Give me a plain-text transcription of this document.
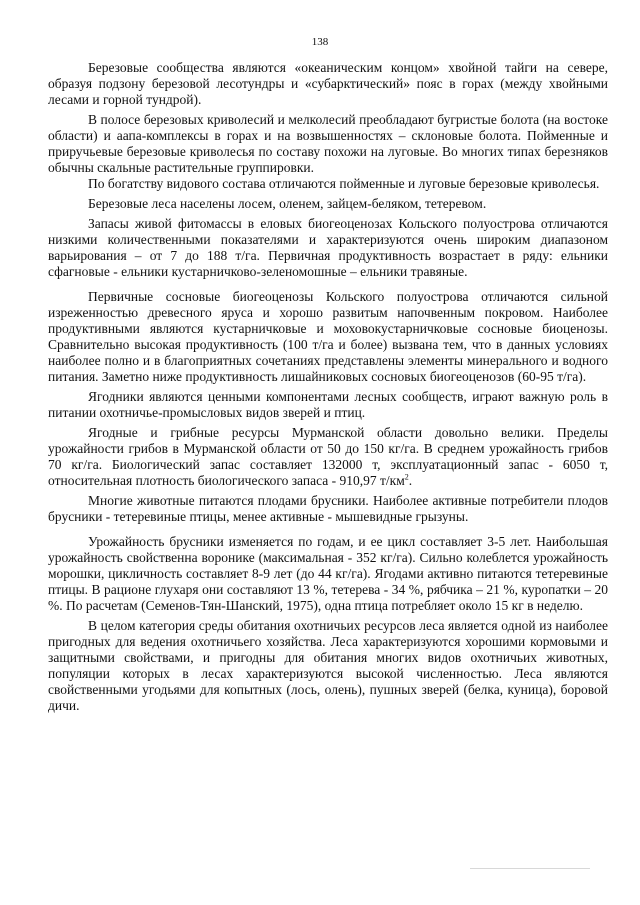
138

Березовые сообщества являются «океаническим концом» хвойной тайги на севере, образуя подзону березовой лесотундры и «субарктический» пояс в горах (между хвойными лесами и горной тундрой).

В полосе березовых криволесий и мелколесий преобладают бугристые болота (на востоке области) и аапа-комплексы в горах и на возвышенностях – склоновые болота. Пойменные и приручьевые березовые криволесья по составу похожи на луговые. Во многих типах березняков обычны скальные растительные группировки.

По богатству видового состава отличаются пойменные и луговые березовые криволесья.

Березовые леса населены лосем, оленем, зайцем-беляком, тетеревом.

Запасы живой фитомассы в еловых биогеоценозах Кольского полуострова отличаются низкими количественными показателями и характеризуются очень широким диапазоном варьирования – от 7 до 188 т/га. Первичная продуктивность возрастает в ряду: ельники сфагновые - ельники кустарничково-зеленомошные – ельники травяные.

Первичные сосновые биогеоценозы Кольского полуострова отличаются сильной изреженностью древесного яруса и хорошо развитым напочвенным покровом. Наиболее продуктивными являются кустарничковые и моховокустарничковые сосновые биоценозы. Сравнительно высокая продуктивность (100 т/га и более) вызвана тем, что в данных условиях наиболее полно и в благоприятных сочетаниях представлены элементы минерального и водного питания. Заметно ниже продуктивность лишайниковых сосновых биогеоценозов (60-95 т/га).

Ягодники являются ценными компонентами лесных сообществ, играют важную роль в питании охотничье-промысловых видов зверей и птиц.

Ягодные и грибные ресурсы Мурманской области довольно велики. Пределы урожайности грибов в Мурманской области от 50 до 150 кг/га. В среднем урожайность грибов 70 кг/га. Биологический запас составляет 132000 т, эксплуатационный запас - 6050 т, относительная плотность биологического запаса - 910,97 $т/км^2$.

Многие животные питаются плодами брусники. Наиболее активные потребители плодов брусники - тетеревиные птицы, менее активные - мышевидные грызуны.

Урожайность брусники изменяется по годам, и ее цикл составляет 3-5 лет. Наибольшая урожайность свойственна воронике (максимальная - 352 кг/га). Сильно колеблется урожайность морошки, цикличность составляет 8-9 лет (до 44 кг/га). Ягодами активно питаются тетеревиные птицы. В рационе глухаря они составляют 13 %, тетерева - 34 %, рябчика – 21 %, куропатки – 20 %. По расчетам (Семенов-Тян-Шанский, 1975), одна птица потребляет около 15 кг в неделю.

В целом категория среды обитания охотничьих ресурсов леса является одной из наиболее пригодных для ведения охотничьего хозяйства. Леса характеризуются хорошими кормовыми и защитными свойствами, и пригодны для обитания многих видов охотничьих животных, популяции которых в лесах характеризуются высокой численностью. Леса являются свойственными угодьями для копытных (лось, олень), пушных зверей (белка, куница), боровой дичи.
